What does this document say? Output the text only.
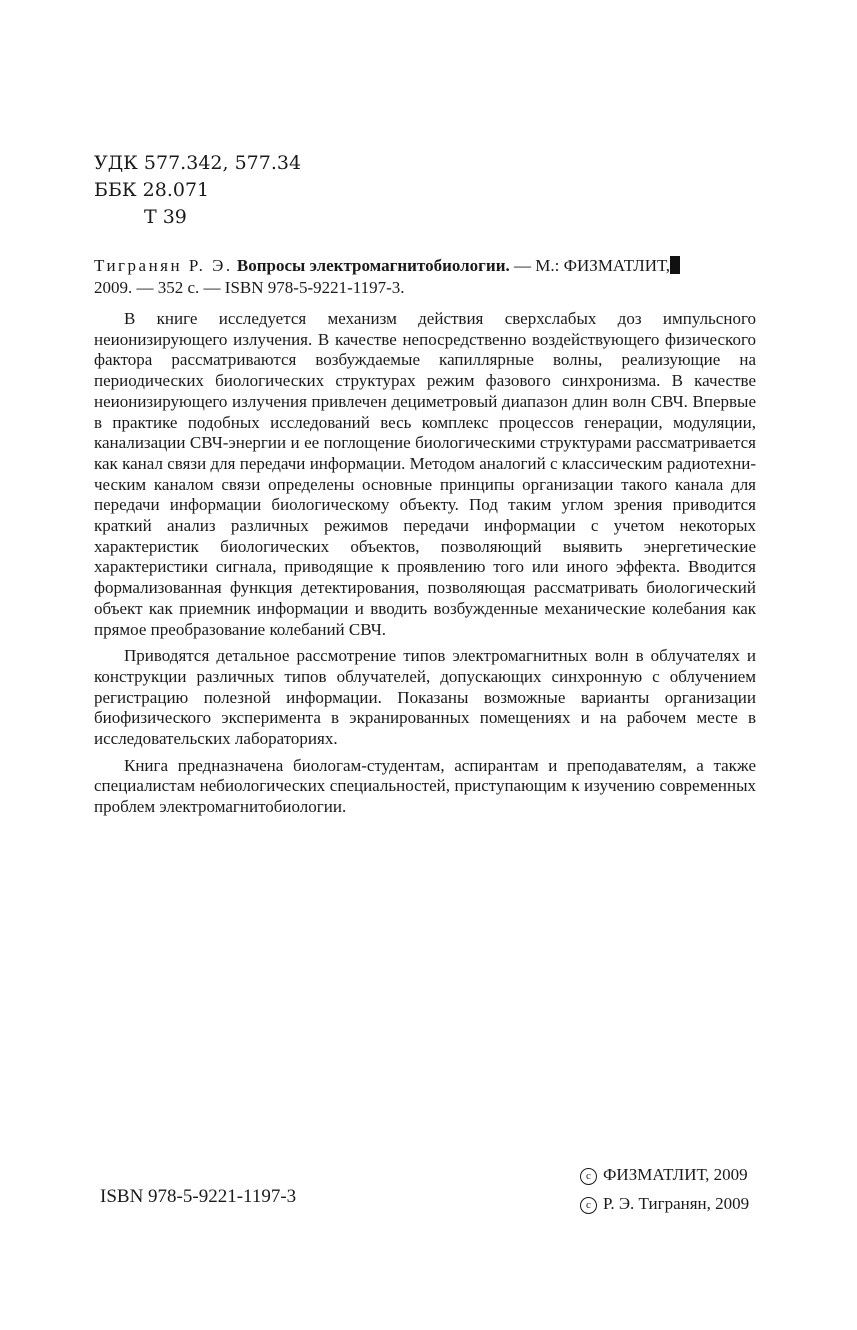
УДК 577.342, 577.34
ББК 28.071
Т 39
Тигранян Р. Э. Вопросы электромагнитобиологии. — М.: ФИЗМАТЛИТ,
2009. — 352 с. — ISBN 978-5-9221-1197-3.

В книге исследуется механизм действия сверхслабых доз импульсного неионизирующего излучения. В качестве непосредственно воздействующего физического фактора рассматриваются возбуждаемые капиллярные волны, реализующие на периодических биологических структурах режим фазового синхронизма. В качестве неионизирующего излучения привлечен дециметровый диапазон длин волн СВЧ. Впервые в практике подобных исследований весь комплекс процессов генерации, модуляции, канализации СВЧ-энергии и ее поглощение биологическими структурами рассматривается как канал связи для передачи информации. Методом аналогий с классическим радиотехническим каналом связи определены основные принципы организации такого канала для передачи информации биологическому объекту. Под таким углом зрения приводится краткий анализ различных режимов передачи информации с учетом некоторых характеристик биологических объектов, позволяющий выявить энергетические характеристики сигнала, приводящие к проявлению того или иного эффекта. Вводится формализованная функция детектирования, позволяющая рассматривать биологический объект как приемник информации и вводить возбужденные механические колебания как прямое преобразование колебаний СВЧ.

Приводятся детальное рассмотрение типов электромагнитных волн в облучателях и конструкции различных типов облучателей, допускающих синхронную с облучением регистрацию полезной информации. Показаны возможные варианты организации биофизического эксперимента в экранированных помещениях и на рабочем месте в исследовательских лабораториях.

Книга предназначена биологам-студентам, аспирантам и преподавателям, а также специалистам небиологических специальностей, приступающим к изучению современных проблем электромагнитобиологии.

ISBN 978-5-9221-1197-3
c ФИЗМАТЛИТ, 2009
c Р. Э. Тигранян, 2009
